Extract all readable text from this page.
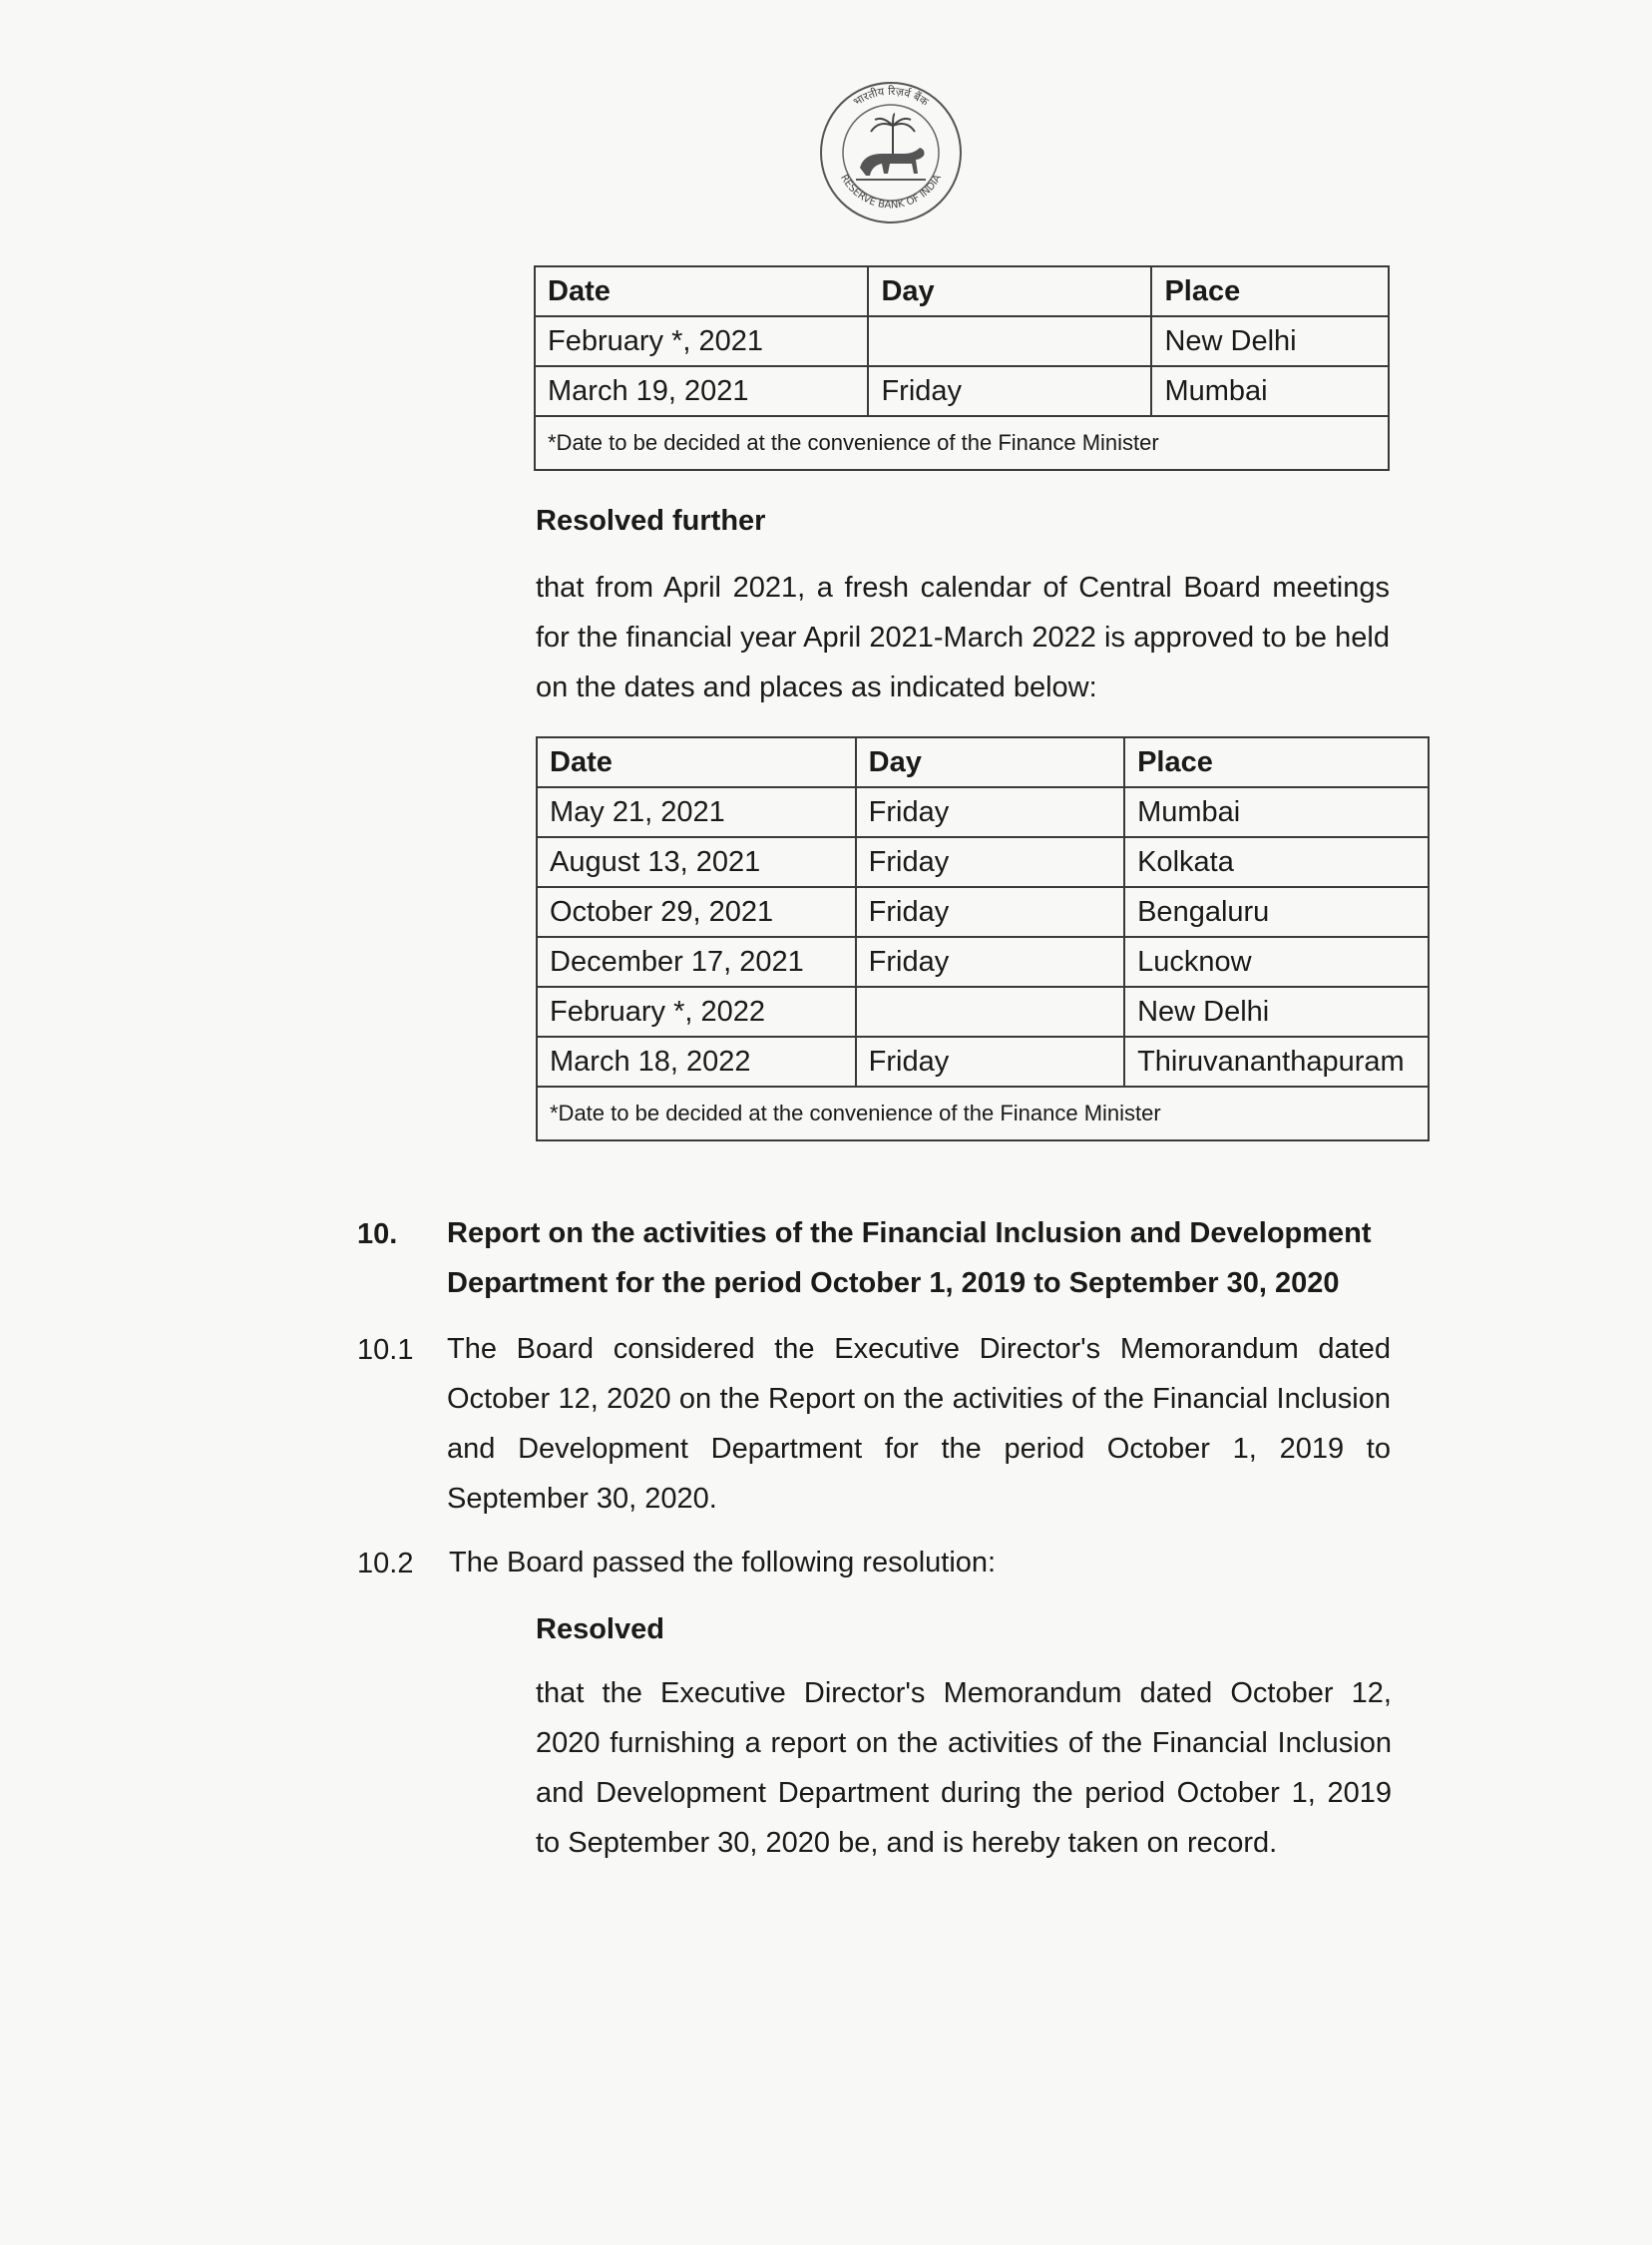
भारतीय रिज़र्व बैंक
RESERVE BANK OF INDIA
Date	Day	Place
February *, 2021		New Delhi
March 19, 2021	Friday	Mumbai
*Date to be decided at the convenience of the Finance Minister		
Resolved further
that from April 2021, a fresh calendar of Central Board meetings for the financial year April 2021-March 2022 is approved to be held on the dates and places as indicated below:
Date	Day	Place
May 21, 2021	Friday	Mumbai
August 13, 2021	Friday	Kolkata
October 29, 2021	Friday	Bengaluru
December 17, 2021	Friday	Lucknow
February *, 2022		New Delhi
March 18, 2022	Friday	Thiruvananthapuram
*Date to be decided at the convenience of the Finance Minister		
10. Report on the activities of the Financial Inclusion and Development Department for the period October 1, 2019 to September 30, 2020
10.1 The Board considered the Executive Director's Memorandum dated October 12, 2020 on the Report on the activities of the Financial Inclusion and Development Department for the period October 1, 2019 to September 30, 2020.
10.2 The Board passed the following resolution:
Resolved
that the Executive Director's Memorandum dated October 12, 2020 furnishing a report on the activities of the Financial Inclusion and Development Department during the period October 1, 2019 to September 30, 2020 be, and is hereby taken on record.
